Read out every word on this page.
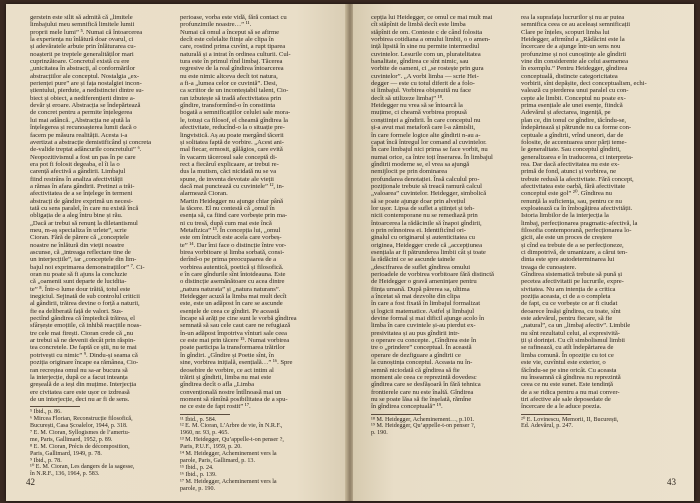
gerstein este silit să admită că „limitele

limbajului meu semnifică limitele lumii

proprii mele lumi” ⁵. Numai că întoarcerea

la experiența nu înlătură doar ovarul, ci

și adevăratele arbuie prin înlăturarea cu-

noașterii pe treptele generalităților mari

cuprinzătoare. Concretul există cu ere

„unicitatea în abstracți, al conformărilor

abstracțiilor ale conceptul. Nostalgia „ex-

perienței pure” are și fața nostalgiei incon-

știentului, pierdute, a nedistinctei dintre su-

biect și obiect, a nediferențierii dintre a-

devăr și eroare. Abstracția se îndepărtează

de concret pentru a permite înțelegerea

lui mai adâncă. „Abstracția ne ajută la

înțelegerea și recunoașterea lumii dacă o

facem pe măsura realității. Acesta i-a

avertizat a abstracție demistificând și concreta

de-valide treptat adâncurile concretului” ⁶.

Neopozitivismul a fost un pas în pe care

era pot fi folosit degeaba, el îi la o

carență afectivă a gândirii. Limbajul

fiind restrâns în analiza afectivității

a rămas în afara gândirii. Pretinzi a trăi-

afectivitatea de a se înțelege în termeni

abstracți de gândire exprimă un necesi-

tată cu sens paralel, în care nu există încă

obligația de a aleg întru bine și rău.

„Dacă ar trebui să renunț la diletantismul

meu, m-aș specializa în urlete”, scrie

Cioran. Fără de părere că „conceptele

noastre ne înlătură din vieții noastre

ascunse, că „intreaga reflectare tine de

un interjecțiile”, iar „conceptele din lim-

bajul noi exprimarea demonstrațiilor” ⁷. Ci-

oran nu poate să fi ajuns la concluzie

că „oamenii sunt departe de lucidita-

te” ⁸. Într-o lume dour trăită, totul este

inegiciul. Sejinată de sub controlul criticii

al gândirii, trăirea devine o forță a naturii,

fie ea deliberată față de valori. Sus-

pectînd gândirea că împiedică trăirea, el

sfârșește emoțiile, că inhibă reacțiile noas-

tre cele mai firești. Cioran crede că „nu

ar trebui să ne devenii decât prin răspin-

tea concretele. De faptă ce știi, nu te mai

potrivești cu nimic” ⁹. Dindu-și seama că

poziția originare încape ea rămânea, Cio-

ran recreștea omul nu sa-ar bucura să

la interjecție, după ce a facut inteanța

greșeală de a ieși din muțime. Interjecția

ere civitatea care este ușor ce izdreasă

de un interjecție, deci nu ar fi de sens.

⁵ Ibid., p. 86.

⁶ Mircea Florian, Reconstrucție filosofică,

București, Casa Școalelor, 1944, p. 318.

⁷ E. M. Cioran, Syllogismes de l’amertu-

me, Paris, Gallimard, 1952, p. 89.

⁸ E. M. Cioran, Précis de décomposition,

Paris, Gallimard, 1949, p. 78.

⁹ Ibid., p. 78.

¹⁰ E. M. Cioran, Les dangers de la sagesse,

în N.R.F., 136, 1964, p. 583.

perioase, vorba este vidă, fără contact cu

profunzimile noastre…” ¹¹.

Numai că omul a început să se afirme

decît este celelalte ființe ale clipa în

care, rostind prima cuvînt, a rupt tiparea

naturală și a intrat în ordinea culturii. Cul-

tura este în primul rînd limbaj. Tăcerea

regresive de la real gîndirea întoarcerea

nu este nimic altceva decît tot natura,

a fi-a „lumea celor ce cuvintă”. Desi,

ca scriitor de un inconteștabil talent, Cio-

ran izbutește să tradă afectivitatea prin

gîndire, transformînd-o în constiinta

bogată a semnificațiilor celulei sale mora-

le, totuși ca filosof, el cheamă gîndirea la

afectivitate, reducînd-o la o situație pre-

lingvistică. Aș au poate mergând tăcerii

și solitatea faptă de vorbire. „Acest ani-

mal fiecar, ermosit, gălăgios, care evită

în vacarm tăcerosul sale conceptă di-

rect a fiecăruî explicaare, ar trebui re-

dus la mutism, căci nicidată nu se va

spune, de inventa devotate ale vieții

dacă mai punctează cu cuvintele” ¹², in-

alarmează Cioran.

Martin Heidegger nu ajunge chiar până

la tăcere. El nu contestă că „omul în

esența să, ca fiind care vorbește prin ma-

ni cu tresă, după cum mai este încă

Metafizica” ¹³. În concepția lui, „omul

este om întrucît este acela care vorbeș-

te” ¹⁴. Dar îmi face o distincție între vor-

birea vorbitoare și limba sorbată, consi-

derînd-o pe prima preocupaarea de a

vorbirea autentică, poetică și filosofică.

e în care gîndurile sînt întotdeauna. Este

o distincție asemănătoare cu acea dintre

„natura naturata” și „natura naturans”.

Heidegger acuză la limba mai mult decît

este, este un adăpost în care se ascunde

esențele de ceea ce gîndiri. Pe această

încape să arăți pe cine sunt le vorbă gîndirea

semnată să sau cele caut care ne refugiază

în-un adăpost împotriva vînturi sale ceea

ce este mai prin tăcere ¹⁵. Numai vorbirea

poate participa la transformarea trăirilor

în gîndiri. „Gîndire și Poetie sînt, în

sine, vorbirea inițială, esențială…” ¹⁶. Spre

deosebire de vorbire, ce act intim al

trăirii și gîndirii, limba nu mai este

gîndirea decît o afla „Limba

convențională nostre întîlnoasă mai un

moment să rămînă posibilitatea de a spu-

ne ce este de fapt rostit” ¹⁷.

¹¹ Ibid., p. 584.

¹² E. M. Cioran, L’Arbre de vie, în N.R.F.,

1960, nr. 93, p. 465.

¹³ M. Heidegger, Qu’appelle-t-on penser ?,

Paris, P.U.F., 1959, p. 20.

¹⁴ M. Heidegger, Acheminement vers la

parole, Paris, Gallimard, p. 13.

¹⁵ Ibid., p. 24.

¹⁶ Ibid., p. 139.

¹⁷ M. Heidegger, Acheminement vers la

parole, p. 190.

42

cepția lui Heidegger, ce omul ce mai mult mai

cît stăpînit de limbă decît este limba

stăpînit de om. Conteste c de când folosita

vorbirea cotidiana a omului limbii, o o amen-

ință lipsită în sine nu permite intermediul

cuvintelor. Lesurile com un, pluratelitatea

banalitate, gîndirea ce sînt nimic, sau

vorbite de oameni, ci „se rostește prin gura

cuvintelor”. „A vorbi limba — scrie Hei-

degger — este cu totul diferit de a folo-

si limbajul. Vorbirea obișnuită nu face

decît să utilizeze limbaj” ¹⁸.

Heidegger nu vrea să se întoarcă la

muțime, ci cheamă vorbirea propusă

conștiinței a gîndirii. În care conceptul nu

și-a avut mai metaforă care l-a zămislit,

în care formele logice alte gîndirii n-au a-

capat încă întregul lor comand al cuvintelor.

În care limbajul nici prima se face vorbit, nu

numai orice, ca între toți înserarea. În limbajul

gîndirii moderne se, el vrea sa ajungă

nemijlocit pe prin dominarea

profundarea denotației. Însă calculul pro-

poziționale trebuie să treacă ramură calcul

„valoarea” cuvintelor. Heidegger, simbolică

să se poate ajunge doar prin alvețiul

lor ușor. Lipsa de suflet a științei și teh-

nicii contemporane nu se remediază prin

întoarcerea la rădăcinile să înapoi gîndirii,

o prin reînnoirea ei. Identificînd ori-

ginalul cu originarul și autenticitatea cu

originea, Heidegger crede că „accepțiunea

esențiala ar fi pătrunderea limbii cât și toate

la rădăcini ce se ascunde tainele

„descifrarea de suflet gîndirea omului

perioadele de vorbirea vorbitoare fără distinctă

de Heidegger o gravă amenințare pentru

ființa umană. După părerea sa, ultima

a încetat să mai dezvolte din clipa

în care a fost fixată în limbajul formalizat

și logicii matematice. Astfel și limbajul

devine formal și mai dificil ajunge acolo în

limba în care cuvintele și-au pierdut ex-

presivitatea și au pus gîndirii intr-

o operare cu concepte. „Gîndirea este în

tre o „prindere” conceptual. În această

operare de dezfiguare a gîndirii ce

la cunoștința conceptul. Aceasta nu în-

semnă niciodată că gîndirea să fie

moment ale ceea ce reprezintă dovedesc

gîndirea care se desfășoară în fără tehnica

frontierele care nu este înaltă. Gîndirea

nu se poate lăsa să fie înșelată, rămîne

în gîndirea conceptuală” ¹⁹.

¹⁸ M. Heidegger, Acheminement…, p.101.

¹⁹ M. Heidegger, Qu’appelle-t-on penser ?,

p. 190.

rea la suprafața lucrurilor și nu ar putea

semnifica ceea ce au aceleași semnificații

Clare pe înțeles, scopuri limba lui

Heidegger, afirmînd a „Rădăcini este la

încercare de a ajunge într-un sens nou

profunzime și noi cunoștințe ale gîndirii

vine din considerente ale celui asemenea

în exemplu.” Pentru Heidegger, gîndirea

conceptuală, distincte categoricitatea

vorbirii, sînt depășite, deci conceptualism, echi-

valează cu pierderea unui paralel cu con-

cepte ale limbii. Conceptul nu poate ex-

prima esențiale ale unei esențe, fiindcă

Adevărul și afectarea, ingeniță, pe

plan ce, din tonul ce gîndire, tăcîndu-se,

îndepărtează și pătrunde nu ca forme con-

ceptuale a gîndirii, vrînd uneori, dar de

folosite, de accentuarea unor părți teme-

le generalitate. Sau conceptul gîndirii,

generalizarea e în traducerea, ci interpreta-

rea. Dar dacă afectivitatea nu este ex-

primă de fond, atunci și vorbirea, ne

trebuie redusă la afectivitate. Fără concept,

afectivitatea este oarbă, fără afectivitate

conceptul este gol” ²⁰. Gîndirea nu

renunță la suficiența, sau, pentru ce nu

exploatează ca în îmbogățirea afectivității.

Istoria limbilor de la interjecția la

limbaj, perfecționarea pragmatic-afectivă, la

filosofia contemporană, perfecționarea lo-

gicii, ale este un proces de creștere

și cînd ea trebuie de a se perfecționeze,

ci dimpotrivă, de umanizare, a cărui ten-

dinta este spre autodeterminarea lui

treaga de cunoaștere.

Gîndirea sistematică trebuie să pună și

pecetea afectivitatii pe lucrurile, expre-

sivitatea. Nu am intenția de a critica

poziția aceasta, ci de a o completa

de fapt, cu ce vorbește ce ar fi ciudat

deoarece însăși gîndirea, cu toate, sînt

este adevărul, pentru fiecare, să fie

„natural”, ca un „limbaj afectiv”. Limbile

nu sînt rezultatul celui, al expresivită-

ții și dorinței. Cu cît simbolismul limbii

se rafinează, cu atît îndepărtarea de

limba comună. În opoziție cu tot ce

este vie, cuvîntul este exterior, o

făcîndu-se pe sine oricât. Cu aceasta

nu înseamnă că gîndirea nu reprezintă

ceea ce nu este sunet. Este tendință

de a se ridica pentru a nu mai conver-

tiri afective ale sale deposedate de

încercare de a le aduce poezia.

²⁰ E. Lovinescu, Memorii, II, București,

Ed. Adevărul, p. 247.

43
